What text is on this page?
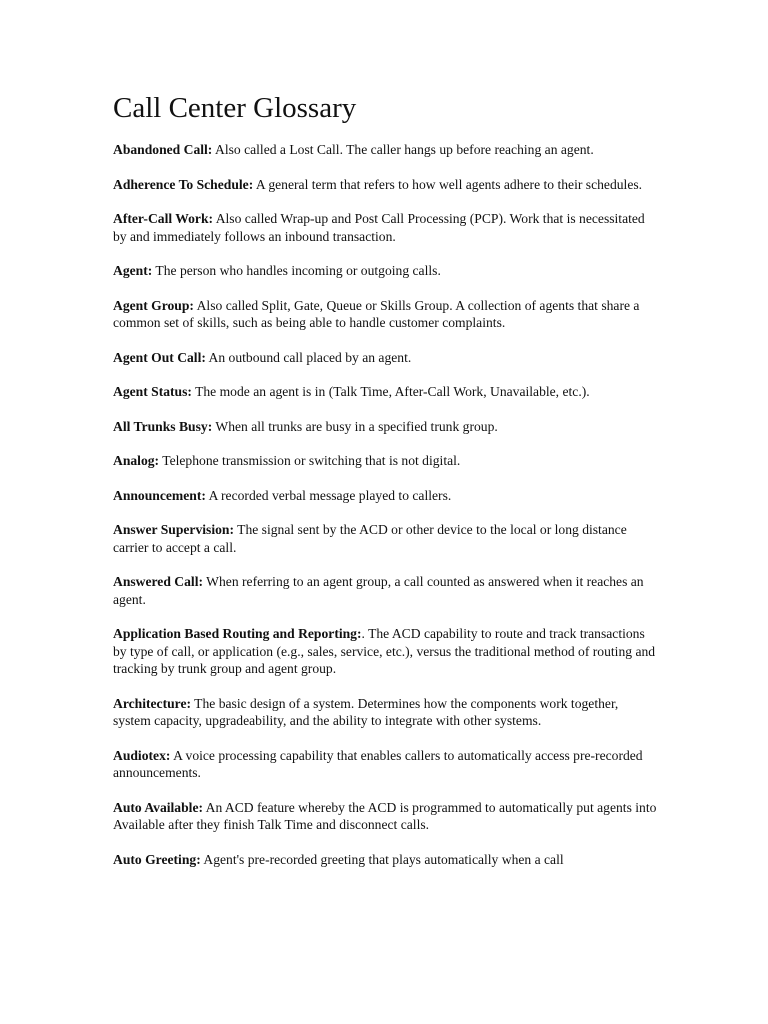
Call Center Glossary

Abandoned Call: Also called a Lost Call. The caller hangs up before reaching an agent.

Adherence To Schedule: A general term that refers to how well agents adhere to their schedules.

After-Call Work: Also called Wrap-up and Post Call Processing (PCP). Work that is necessitated by and immediately follows an inbound transaction.

Agent: The person who handles incoming or outgoing calls.

Agent Group: Also called Split, Gate, Queue or Skills Group. A collection of agents that share a common set of skills, such as being able to handle customer complaints.

Agent Out Call: An outbound call placed by an agent.

Agent Status: The mode an agent is in (Talk Time, After-Call Work, Unavailable, etc.).

All Trunks Busy: When all trunks are busy in a specified trunk group.

Analog: Telephone transmission or switching that is not digital.

Announcement: A recorded verbal message played to callers.

Answer Supervision: The signal sent by the ACD or other device to the local or long distance carrier to accept a call.

Answered Call: When referring to an agent group, a call counted as answered when it reaches an agent.

Application Based Routing and Reporting:. The ACD capability to route and track transactions by type of call, or application (e.g., sales, service, etc.), versus the traditional method of routing and tracking by trunk group and agent group.

Architecture: The basic design of a system. Determines how the components work together, system capacity, upgradeability, and the ability to integrate with other systems.

Audiotex: A voice processing capability that enables callers to automatically access pre-recorded announcements.

Auto Available: An ACD feature whereby the ACD is programmed to automatically put agents into Available after they finish Talk Time and disconnect calls.

Auto Greeting: Agent's pre-recorded greeting that plays automatically when a call
